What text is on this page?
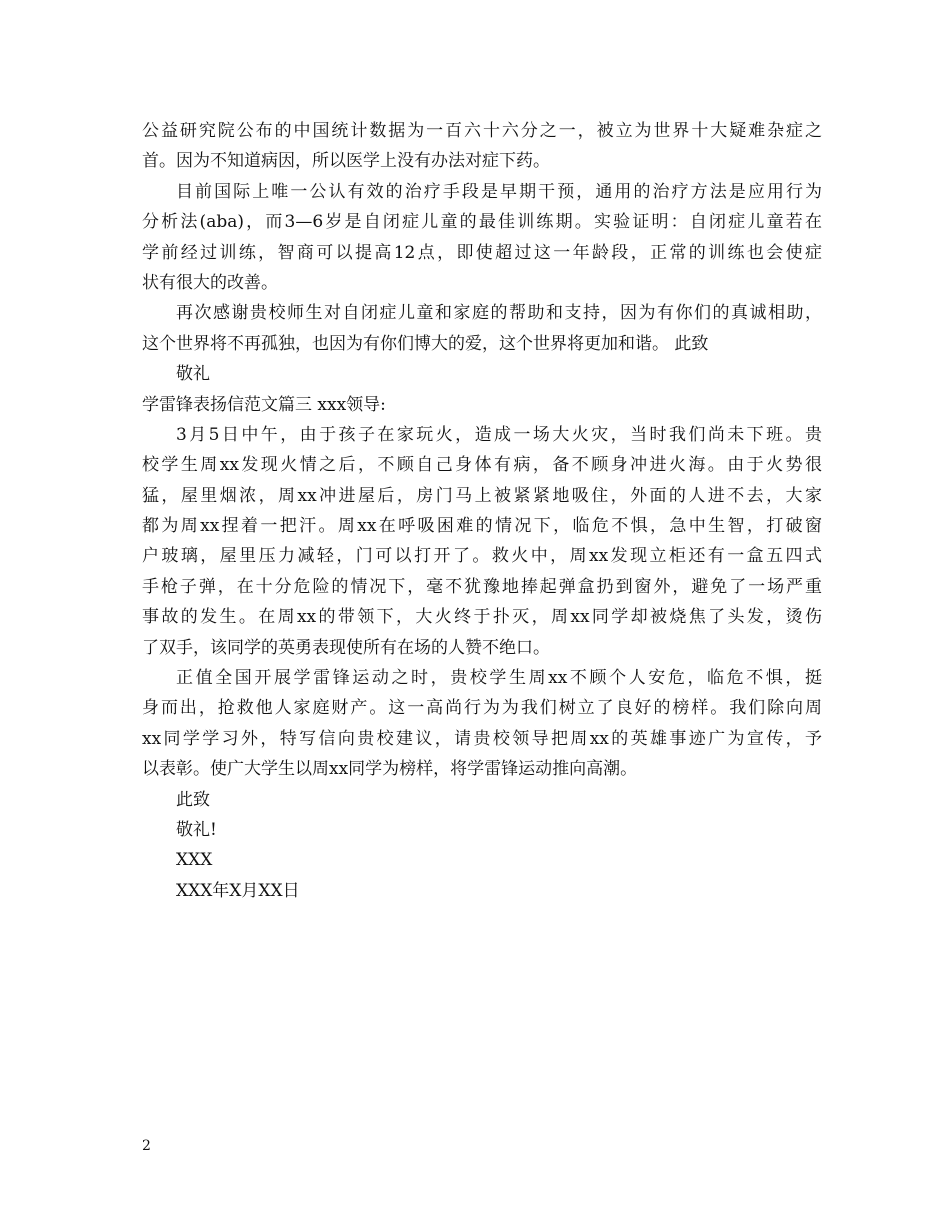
公益研究院公布的中国统计数据为一百六十六分之一，被立为世界十大疑难杂症之
首。因为不知道病因，所以医学上没有办法对症下药。
目前国际上唯一公认有效的治疗手段是早期干预，通用的治疗方法是应用行为
分析法(aba)，而3—6岁是自闭症儿童的最佳训练期。实验证明：自闭症儿童若在
学前经过训练，智商可以提高12点，即使超过这一年龄段，正常的训练也会使症
状有很大的改善。
再次感谢贵校师生对自闭症儿童和家庭的帮助和支持，因为有你们的真诚相助，
这个世界将不再孤独，也因为有你们博大的爱，这个世界将更加和谐。 此致
敬礼
学雷锋表扬信范文篇三 xxx领导:
3月5日中午，由于孩子在家玩火，造成一场大火灾，当时我们尚未下班。贵
校学生周xx发现火情之后，不顾自己身体有病，备不顾身冲进火海。由于火势很
猛，屋里烟浓，周xx冲进屋后，房门马上被紧紧地吸住，外面的人进不去，大家
都为周xx捏着一把汗。周xx在呼吸困难的情况下，临危不惧，急中生智，打破窗
户玻璃，屋里压力减轻，门可以打开了。救火中，周xx发现立柜还有一盒五四式
手枪子弹，在十分危险的情况下，毫不犹豫地捧起弹盒扔到窗外，避免了一场严重
事故的发生。在周xx的带领下，大火终于扑灭，周xx同学却被烧焦了头发，烫伤
了双手，该同学的英勇表现使所有在场的人赞不绝口。
正值全国开展学雷锋运动之时，贵校学生周xx不顾个人安危，临危不惧，挺
身而出，抢救他人家庭财产。这一高尚行为为我们树立了良好的榜样。我们除向周
xx同学学习外，特写信向贵校建议，请贵校领导把周xx的英雄事迹广为宣传，予
以表彰。使广大学生以周xx同学为榜样，将学雷锋运动推向高潮。
此致
敬礼!
XXX
XXX年X月XX日
2
